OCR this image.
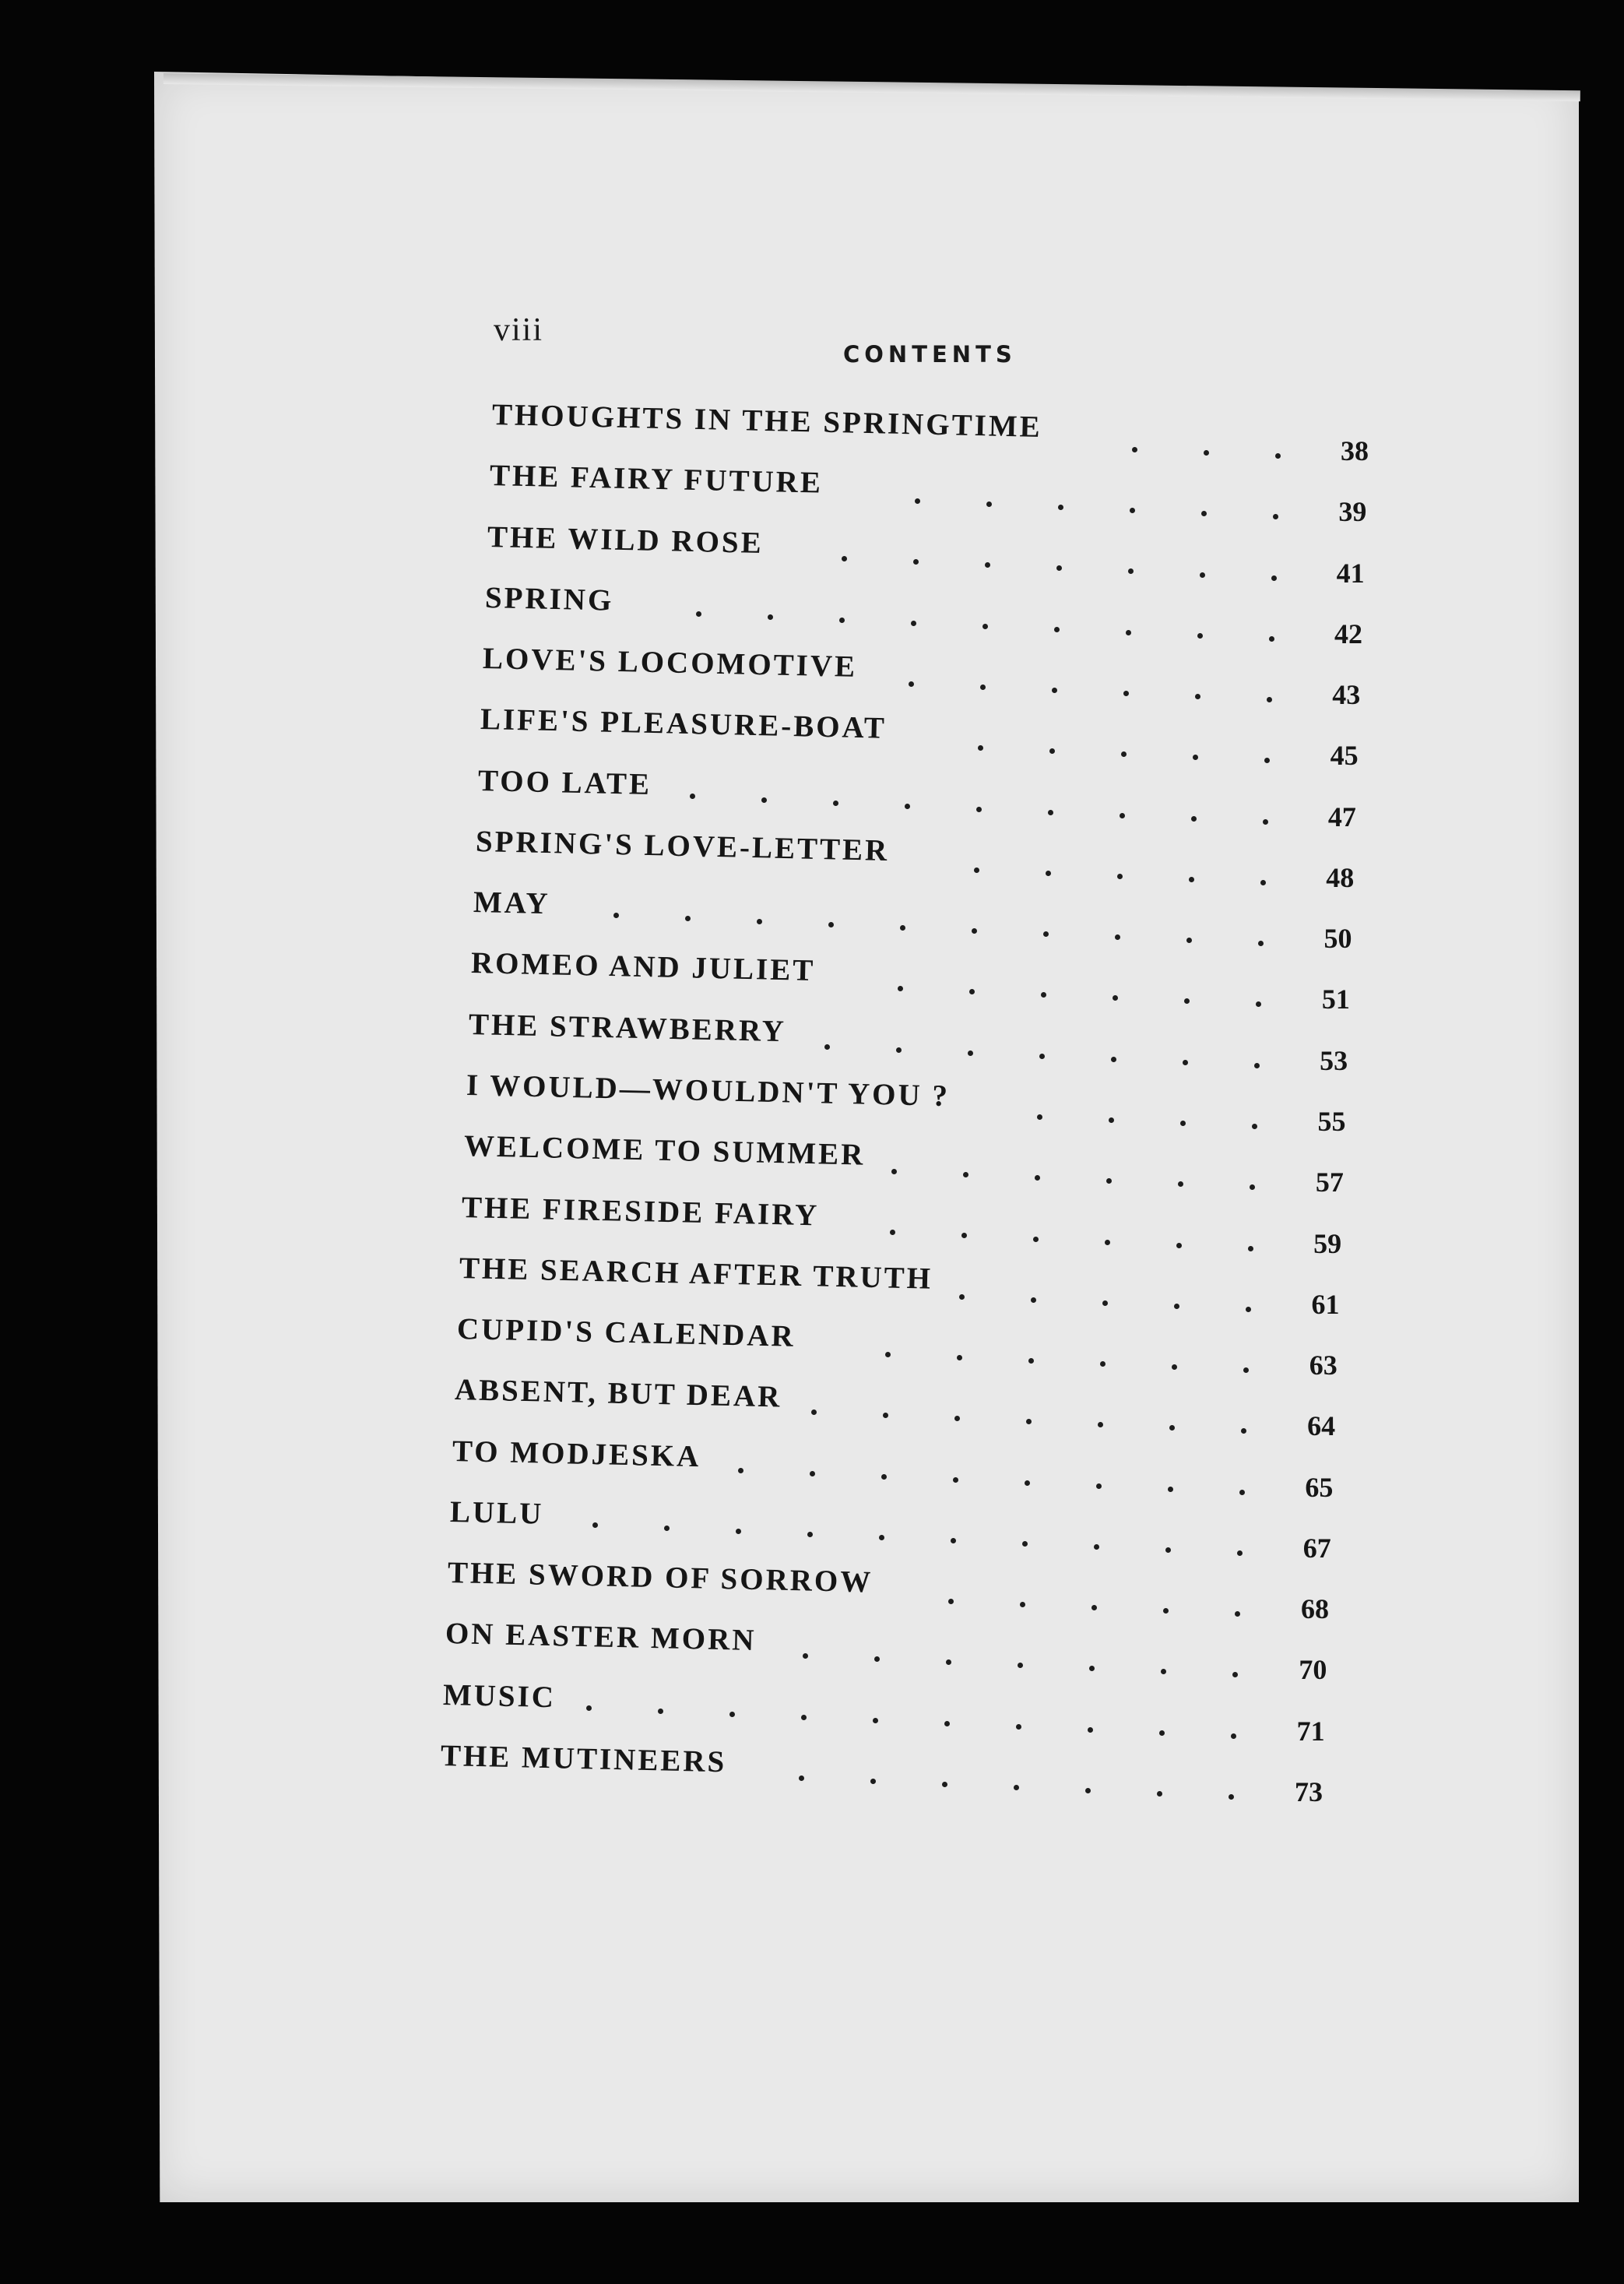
viii
CONTENTS
THOUGHTS IN THE SPRINGTIME
38
THE FAIRY FUTURE
39
THE WILD ROSE
41
SPRING
42
LOVE'S LOCOMOTIVE
43
LIFE'S PLEASURE-BOAT
45
TOO LATE
47
SPRING'S LOVE-LETTER
48
MAY
50
ROMEO AND JULIET
51
THE STRAWBERRY
53
I WOULD—WOULDN'T YOU ?
55
WELCOME TO SUMMER
57
THE FIRESIDE FAIRY
59
THE SEARCH AFTER TRUTH
61
CUPID'S CALENDAR
63
ABSENT, BUT DEAR
64
TO MODJESKA
65
LULU
67
THE SWORD OF SORROW
68
ON EASTER MORN
70
MUSIC
71
THE MUTINEERS
73
